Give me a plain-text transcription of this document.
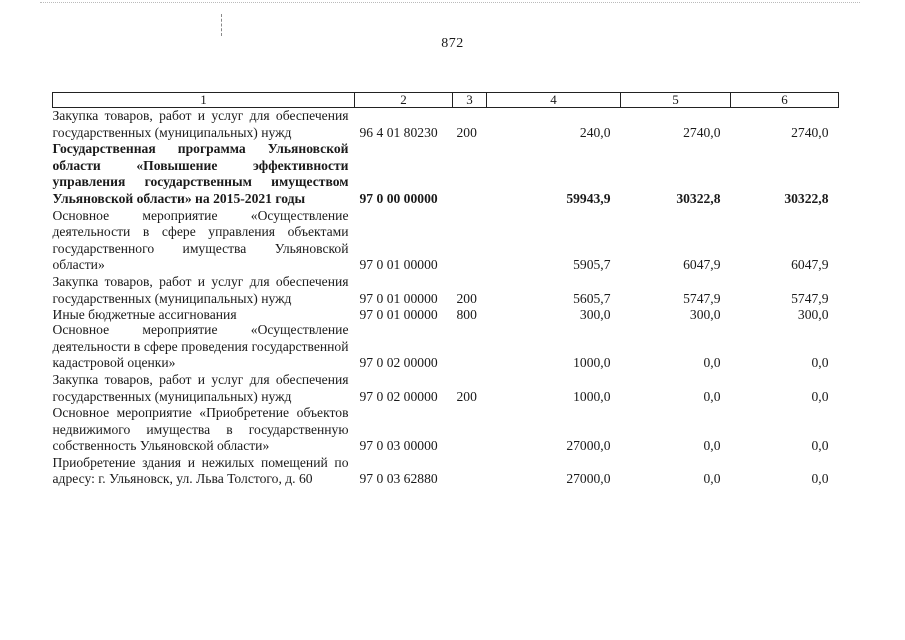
872
1	2	3	4	5	6
Закупка товаров, работ и услуг для обеспечения государственных (муниципальных) нужд	96 4 01 80230	200	240,0	2740,0	2740,0
Государственная программа Ульяновской области «Повышение эффективности управления государственным имуществом Ульяновской области» на 2015-2021 годы	97 0 00 00000		59943,9	30322,8	30322,8
Основное мероприятие «Осуществление деятельности в сфере управления объектами государственного имущества Ульяновской области»	97 0 01 00000		5905,7	6047,9	6047,9
Закупка товаров, работ и услуг для обеспечения государственных (муниципальных) нужд	97 0 01 00000	200	5605,7	5747,9	5747,9
Иные бюджетные ассигнования	97 0 01 00000	800	300,0	300,0	300,0
Основное мероприятие «Осуществление деятельности в сфере проведения государственной кадастровой оценки»	97 0 02 00000		1000,0	0,0	0,0
Закупка товаров, работ и услуг для обеспечения государственных (муниципальных) нужд	97 0 02 00000	200	1000,0	0,0	0,0
Основное мероприятие «Приобретение объектов недвижимого имущества в государственную собственность Ульяновской области»	97 0 03 00000		27000,0	0,0	0,0
Приобретение здания и нежилых помещений по адресу: г. Ульяновск, ул. Льва Толстого, д. 60	97 0 03 62880		27000,0	0,0	0,0
